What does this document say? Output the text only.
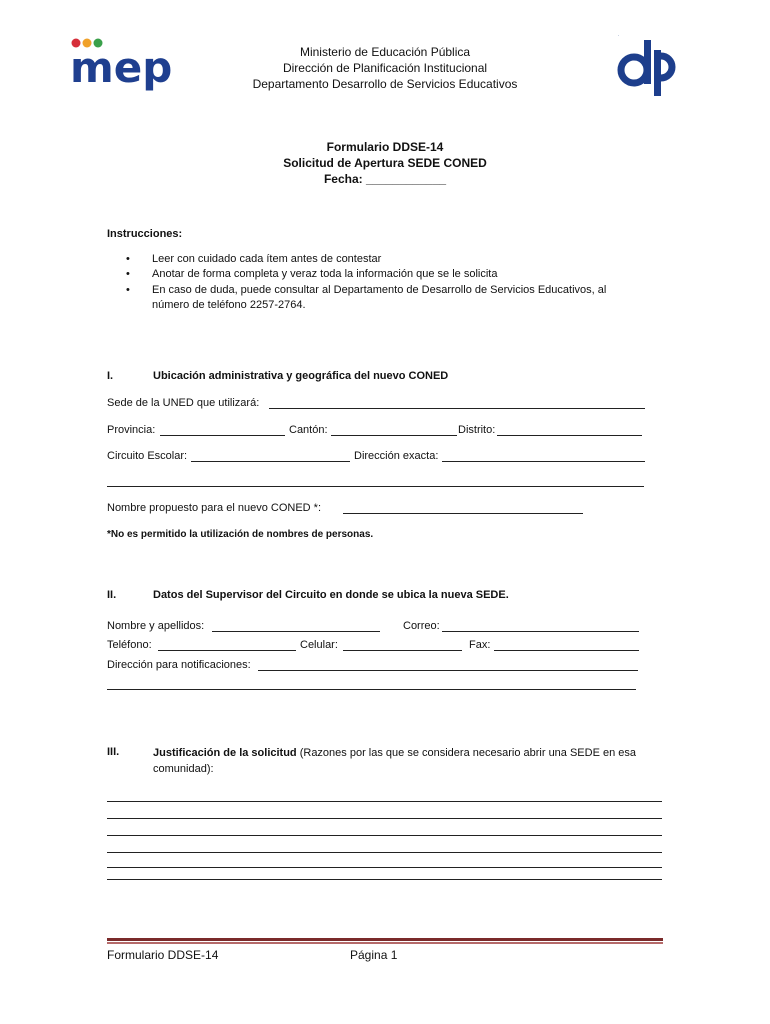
mep	Ministerio de Educación Pública
Dirección de Planificación Institucional
Departamento Desarrollo de Servicios Educativos
dp
Formulario DDSE-14
Solicitud de Apertura SEDE CONED
Fecha: ____________
Instrucciones:
• Leer con cuidado cada ítem antes de contestar
• Anotar de forma completa y veraz toda la información que se le solicita
• En caso de duda, puede consultar al Departamento de Desarrollo de Servicios Educativos, al número de teléfono 2257-2764.
I.	Ubicación administrativa y geográfica del nuevo CONED
Sede de la UNED que utilizará:
Provincia:	Cantón:	Distrito:
Circuito Escolar:	Dirección exacta:
Nombre propuesto para el nuevo CONED *:
*No es permitido la utilización de nombres de personas.
II.	Datos del Supervisor del Circuito en donde se ubica la nueva SEDE.
Nombre y apellidos:	Correo:
Teléfono:	Celular:	Fax:
Dirección para notificaciones:
III.	Justificación de la solicitud (Razones por las que se considera necesario abrir una SEDE en esa comunidad):
Formulario DDSE-14	Página 1
